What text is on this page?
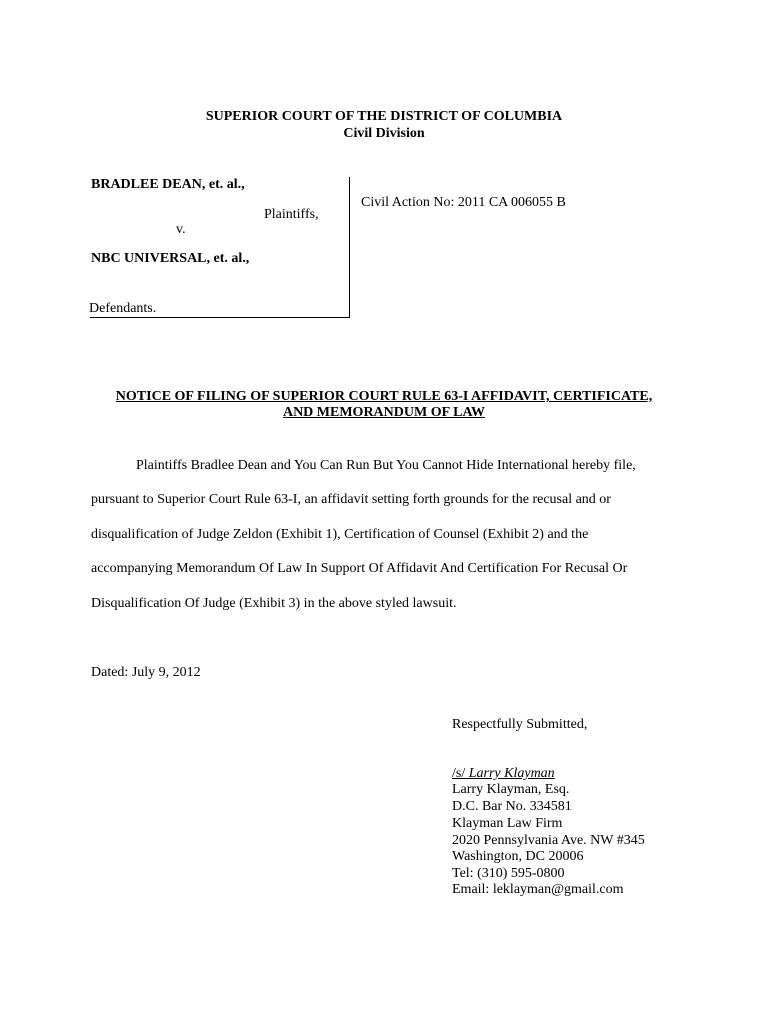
SUPERIOR COURT OF THE DISTRICT OF COLUMBIA
Civil Division
BRADLEE DEAN, et. al.,
Plaintiffs,
v.
NBC UNIVERSAL, et. al.,
Defendants.
Civil Action No: 2011 CA 006055 B
NOTICE OF FILING OF SUPERIOR COURT RULE 63-I AFFIDAVIT, CERTIFICATE,
AND MEMORANDUM OF LAW
Plaintiffs Bradlee Dean and You Can Run But You Cannot Hide International hereby file,
pursuant to Superior Court Rule 63-I, an affidavit setting forth grounds for the recusal and or
disqualification of Judge Zeldon (Exhibit 1), Certification of Counsel (Exhibit 2) and the
accompanying Memorandum Of Law In Support Of Affidavit And Certification For Recusal Or
Disqualification Of Judge (Exhibit 3) in the above styled lawsuit.
Dated: July 9, 2012
Respectfully Submitted,
/s/ Larry Klayman
Larry Klayman, Esq.
D.C. Bar No. 334581
Klayman Law Firm
2020 Pennsylvania Ave. NW #345
Washington, DC 20006
Tel: (310) 595-0800
Email: leklayman@gmail.com
